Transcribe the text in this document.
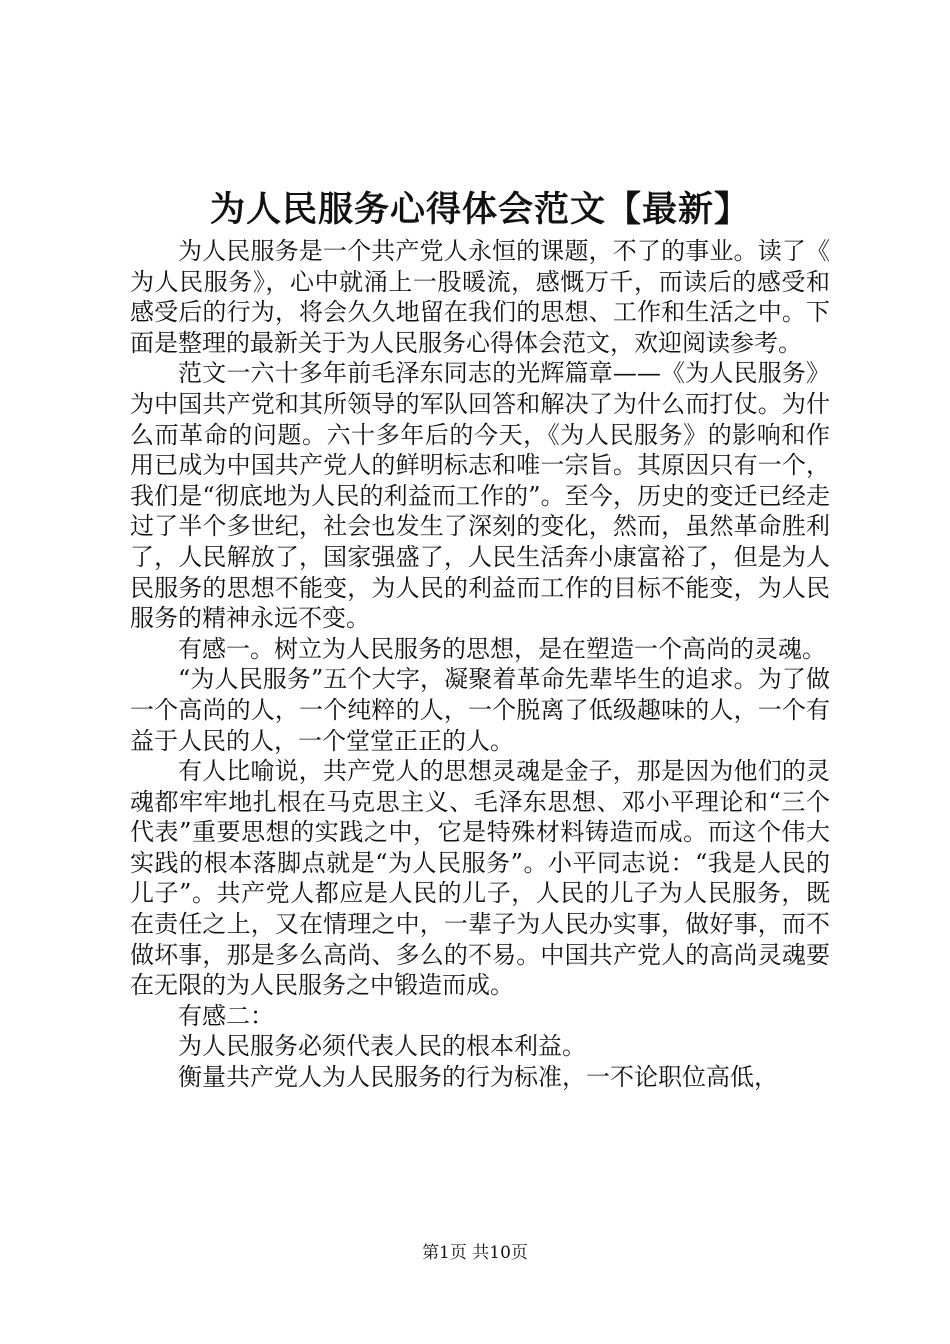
为人民服务心得体会范文【最新】

为人民服务是一个共产党人永恒的课题，不了的事业。读了《为人民服务》，心中就涌上一股暖流，感慨万千，而读后的感受和感受后的行为，将会久久地留在我们的思想、工作和生活之中。下面是整理的最新关于为人民服务心得体会范文，欢迎阅读参考。

范文一六十多年前毛泽东同志的光辉篇章——《为人民服务》为中国共产党和其所领导的军队回答和解决了为什么而打仗。为什么而革命的问题。六十多年后的今天，《为人民服务》的影响和作用已成为中国共产党人的鲜明标志和唯一宗旨。其原因只有一个，我们是“彻底地为人民的利益而工作的”。至今，历史的变迁已经走过了半个多世纪，社会也发生了深刻的变化，然而，虽然革命胜利了，人民解放了，国家强盛了，人民生活奔小康富裕了，但是为人民服务的思想不能变，为人民的利益而工作的目标不能变，为人民服务的精神永远不变。

有感一。树立为人民服务的思想，是在塑造一个高尚的灵魂。

“为人民服务”五个大字，凝聚着革命先辈毕生的追求。为了做一个高尚的人，一个纯粹的人，一个脱离了低级趣味的人，一个有益于人民的人，一个堂堂正正的人。

有人比喻说，共产党人的思想灵魂是金子，那是因为他们的灵魂都牢牢地扎根在马克思主义、毛泽东思想、邓小平理论和“三个代表”重要思想的实践之中，它是特殊材料铸造而成。而这个伟大实践的根本落脚点就是“为人民服务”。小平同志说：“我是人民的儿子”。共产党人都应是人民的儿子，人民的儿子为人民服务，既在责任之上，又在情理之中，一辈子为人民办实事，做好事，而不做坏事，那是多么高尚、多么的不易。中国共产党人的高尚灵魂要在无限的为人民服务之中锻造而成。

有感二：

为人民服务必须代表人民的根本利益。

衡量共产党人为人民服务的行为标准，一不论职位高低，

第1页 共10页
